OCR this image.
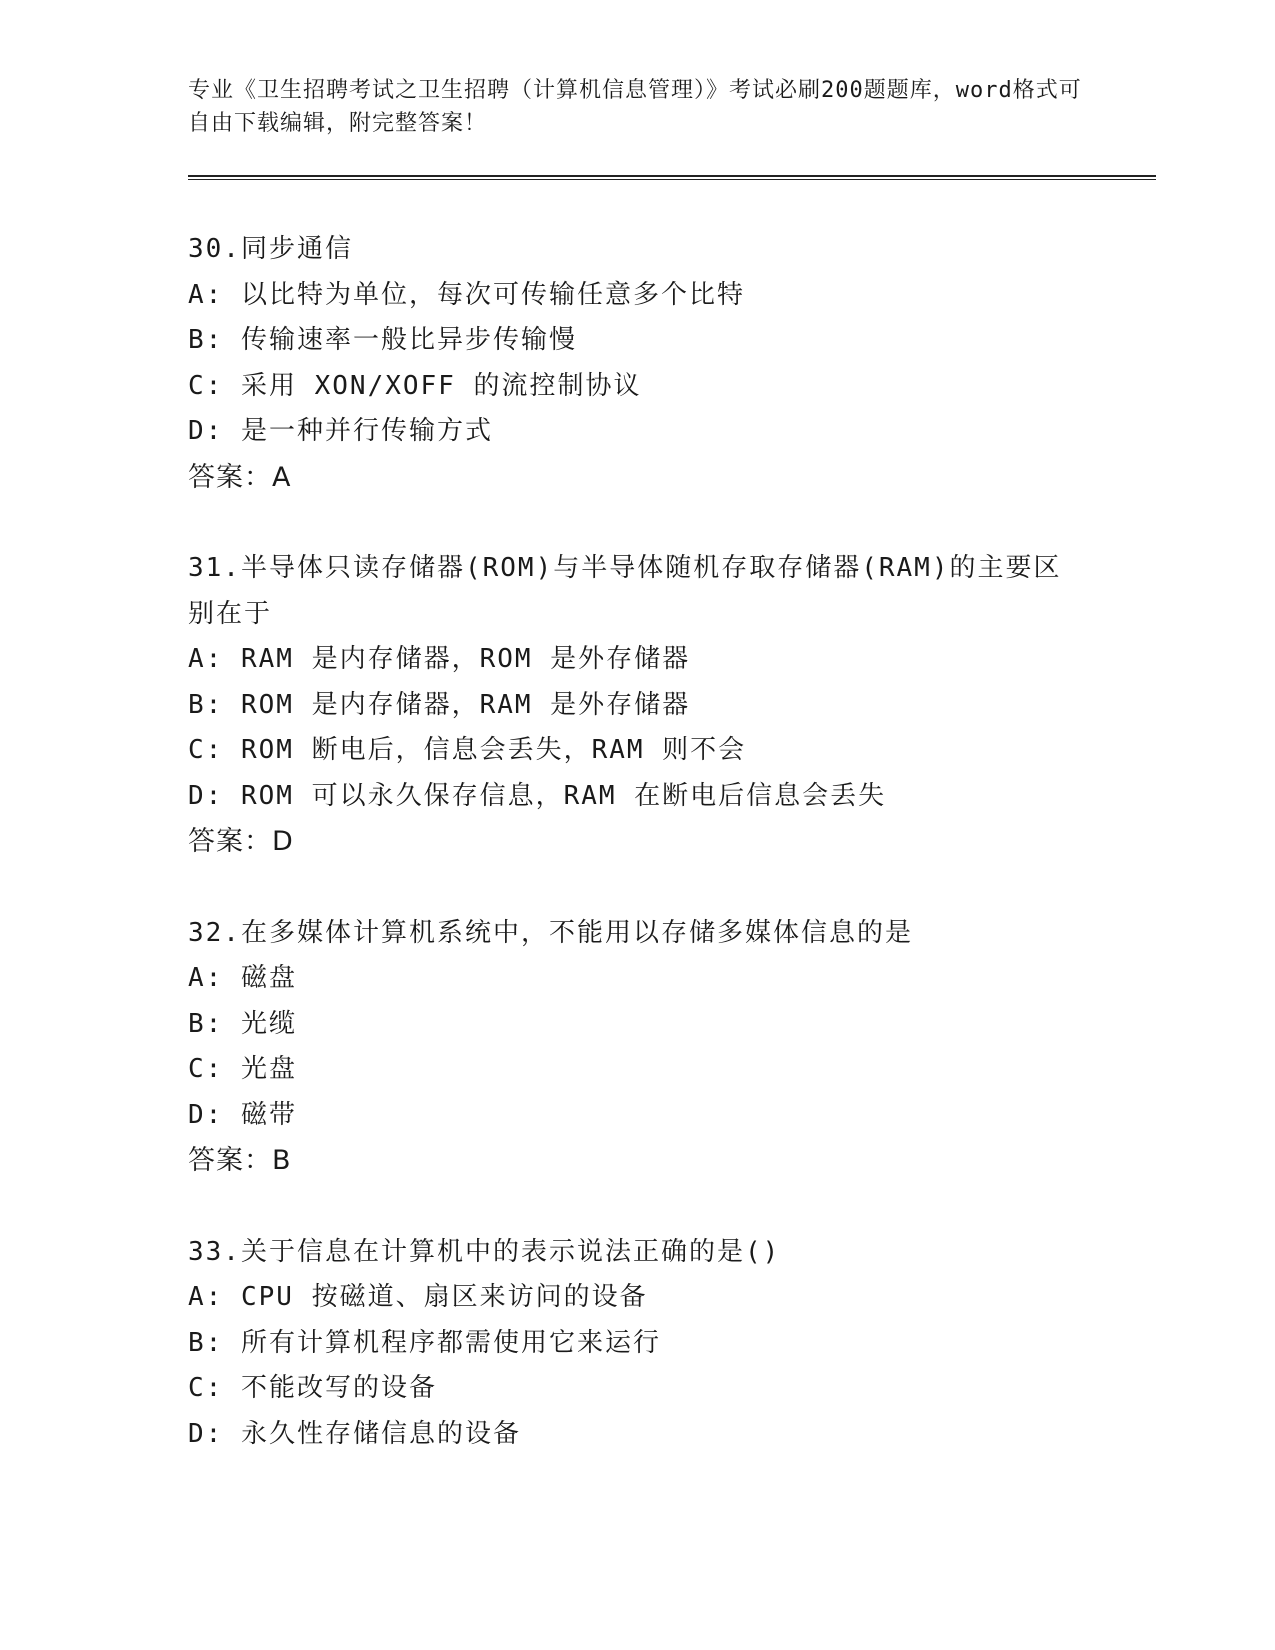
专业《卫生招聘考试之卫生招聘（计算机信息管理）》考试必刷200题题库，word格式可自由下载编辑，附完整答案！

30.同步通信

A: 以比特为单位，每次可传输任意多个比特

B: 传输速率一般比异步传输慢

C: 采用 XON/XOFF 的流控制协议

D: 是一种并行传输方式

答案：A

31.半导体只读存储器(ROM)与半导体随机存取存储器(RAM)的主要区别在于

A: RAM 是内存储器，ROM 是外存储器

B: ROM 是内存储器，RAM 是外存储器

C: ROM 断电后，信息会丢失，RAM 则不会

D: ROM 可以永久保存信息，RAM 在断电后信息会丢失

答案：D

32.在多媒体计算机系统中，不能用以存储多媒体信息的是

A: 磁盘

B: 光缆

C: 光盘

D: 磁带

答案：B

33.关于信息在计算机中的表示说法正确的是()

A: CPU 按磁道、扇区来访问的设备

B: 所有计算机程序都需使用它来运行

C: 不能改写的设备

D: 永久性存储信息的设备
